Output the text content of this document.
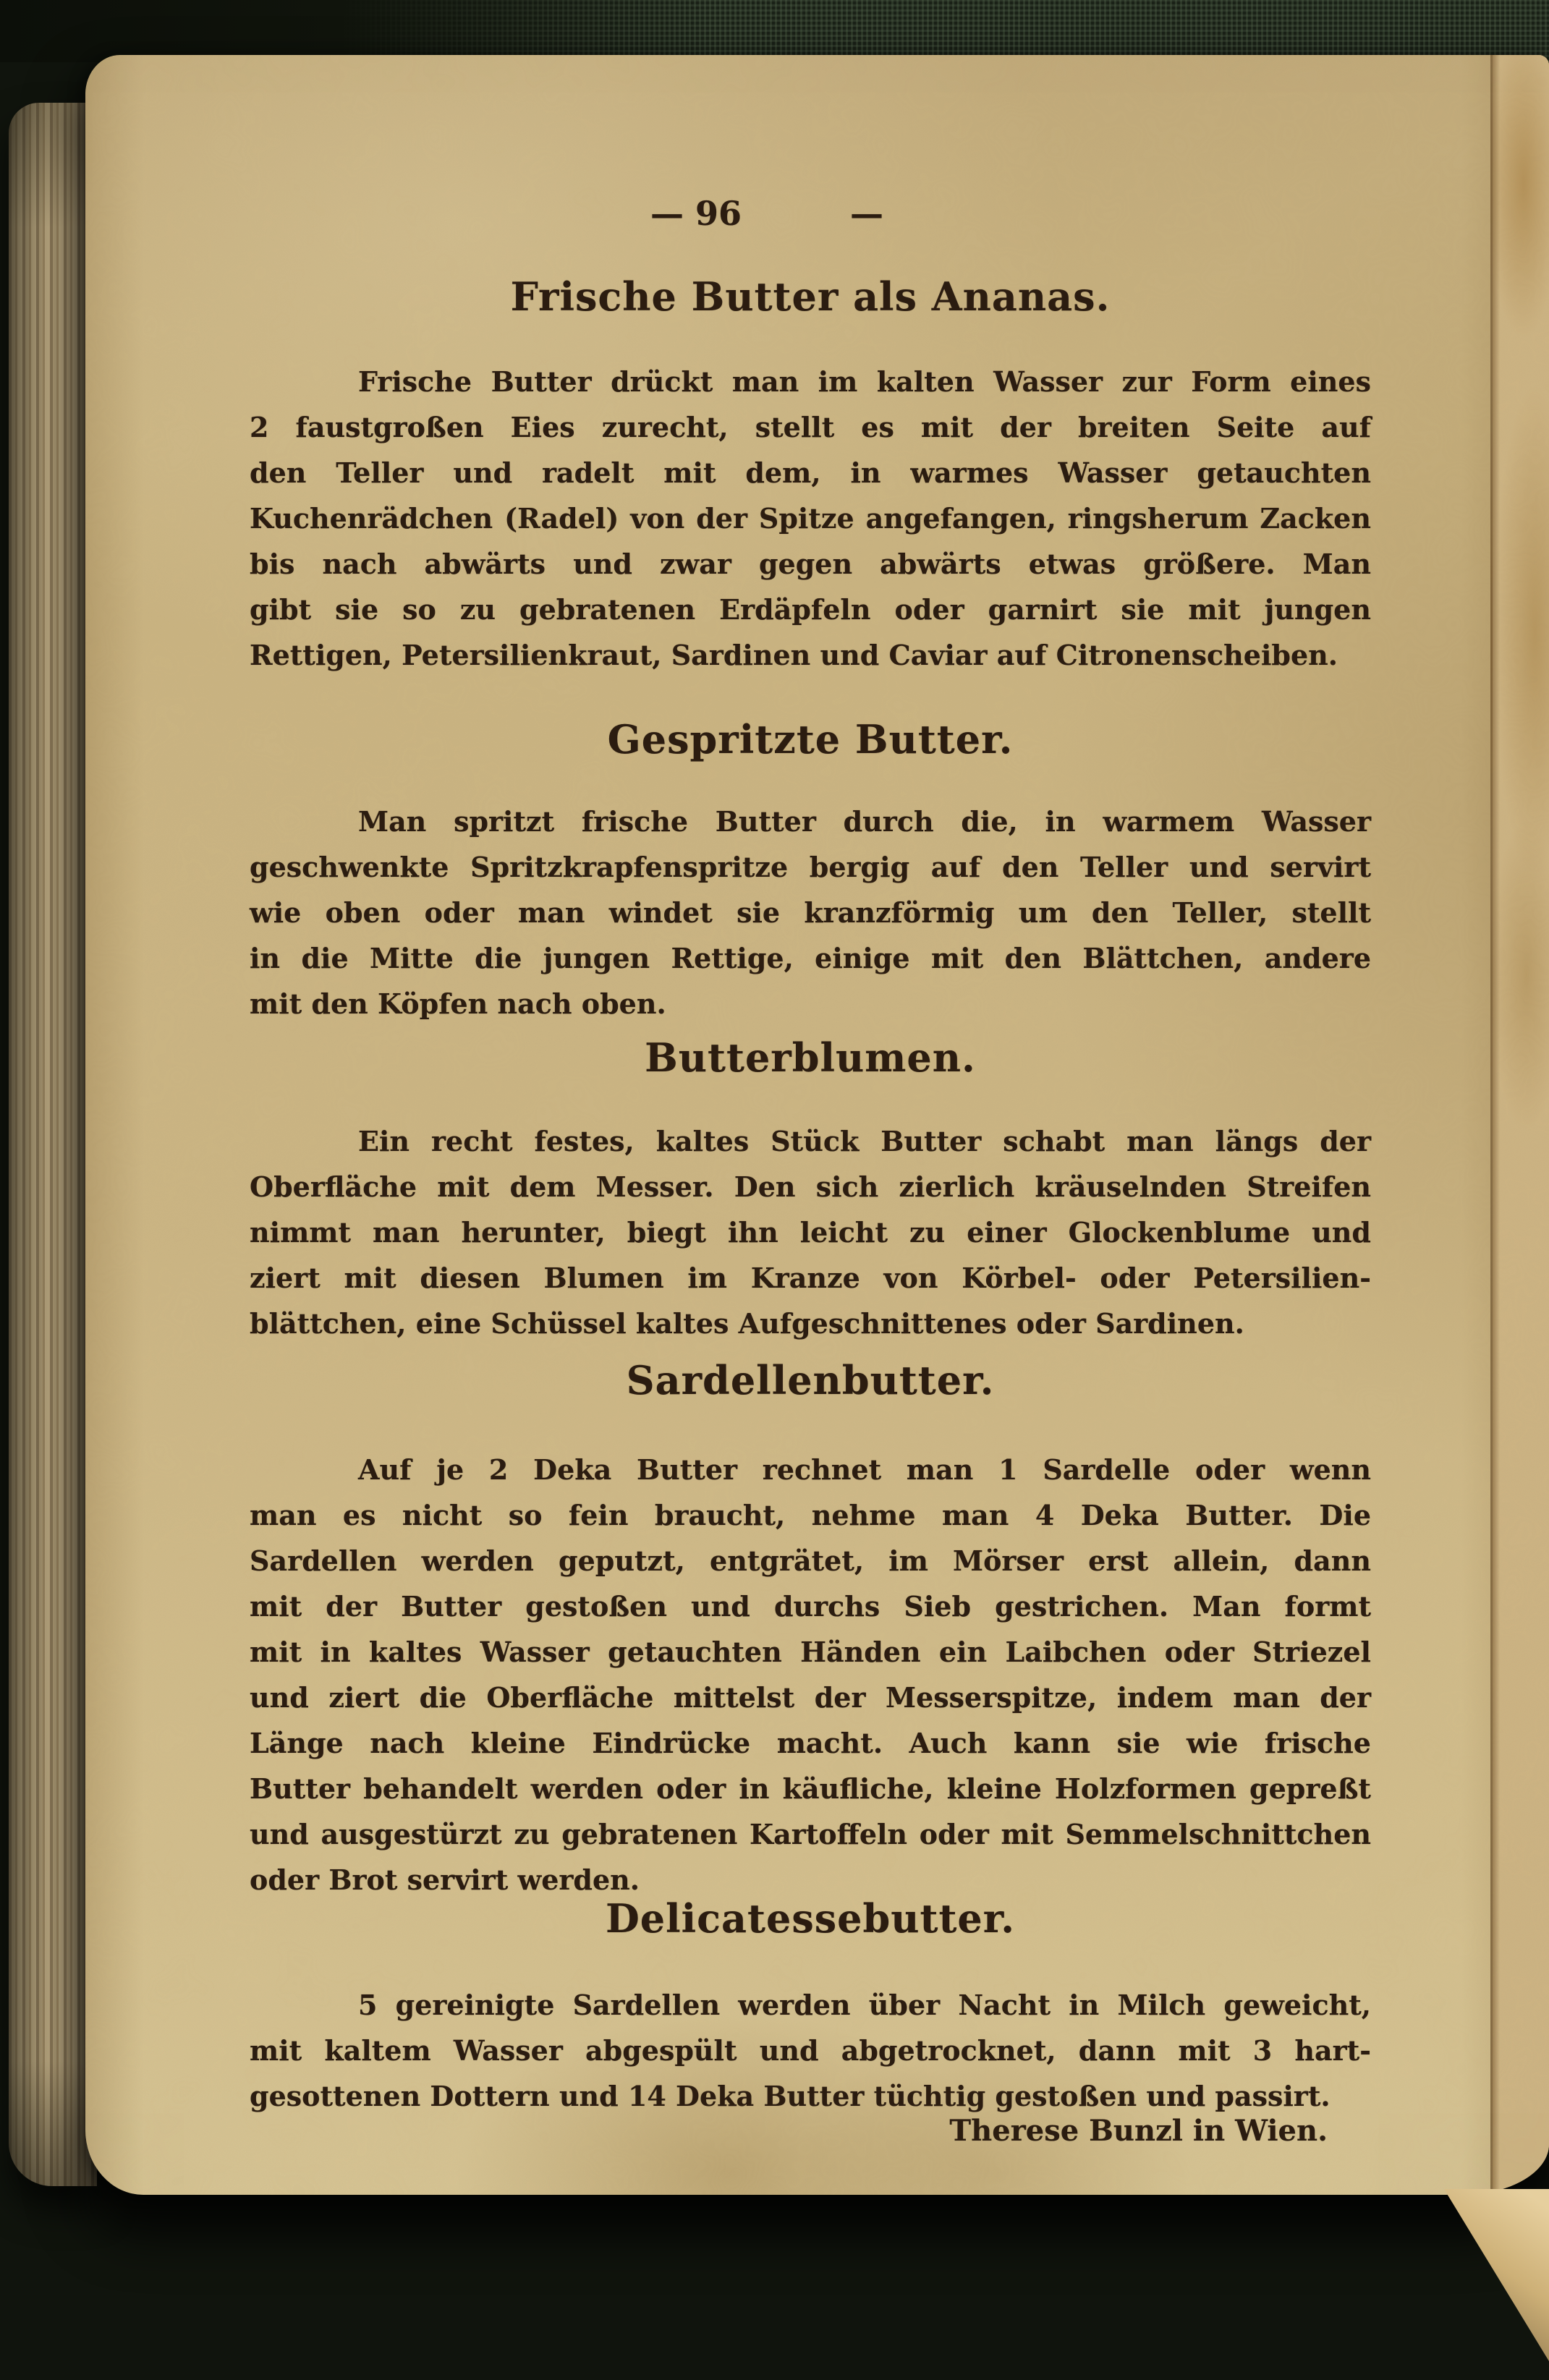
— 96	—
Frische Butter als Ananas.
Frische Butter drückt man im kalten Wasser zur Form eines
2 faustgroßen Eies zurecht, stellt es mit der breiten Seite auf
den Teller und radelt mit dem, in warmes Wasser getauchten
Kuchenrädchen (Radel) von der Spitze angefangen, ringsherum Zacken
bis nach abwärts und zwar gegen abwärts etwas größere. Man
gibt sie so zu gebratenen Erdäpfeln oder garnirt sie mit jungen
Rettigen, Petersilienkraut, Sardinen und Caviar auf Citronenscheiben.
Gespritzte Butter.
Man spritzt frische Butter durch die, in warmem Wasser
geschwenkte Spritzkrapfenspritze bergig auf den Teller und servirt
wie oben oder man windet sie kranzförmig um den Teller, stellt
in die Mitte die jungen Rettige, einige mit den Blättchen, andere
mit den Köpfen nach oben.
Butterblumen.
Ein recht festes, kaltes Stück Butter schabt man längs der
Oberfläche mit dem Messer. Den sich zierlich kräuselnden Streifen
nimmt man herunter, biegt ihn leicht zu einer Glockenblume und
ziert mit diesen Blumen im Kranze von Körbel- oder Petersilien-
blättchen, eine Schüssel kaltes Aufgeschnittenes oder Sardinen.
Sardellenbutter.
Auf je 2 Deka Butter rechnet man 1 Sardelle oder wenn
man es nicht so fein braucht, nehme man 4 Deka Butter. Die
Sardellen werden geputzt, entgrätet, im Mörser erst allein, dann
mit der Butter gestoßen und durchs Sieb gestrichen. Man formt
mit in kaltes Wasser getauchten Händen ein Laibchen oder Striezel
und ziert die Oberfläche mittelst der Messerspitze, indem man der
Länge nach kleine Eindrücke macht. Auch kann sie wie frische
Butter behandelt werden oder in käufliche, kleine Holzformen gepreßt
und ausgestürzt zu gebratenen Kartoffeln oder mit Semmelschnittchen
oder Brot servirt werden.
Delicatessebutter.
5 gereinigte Sardellen werden über Nacht in Milch geweicht,
mit kaltem Wasser abgespült und abgetrocknet, dann mit 3 hart-
gesottenen Dottern und 14 Deka Butter tüchtig gestoßen und passirt.
Therese Bunzl in Wien.
